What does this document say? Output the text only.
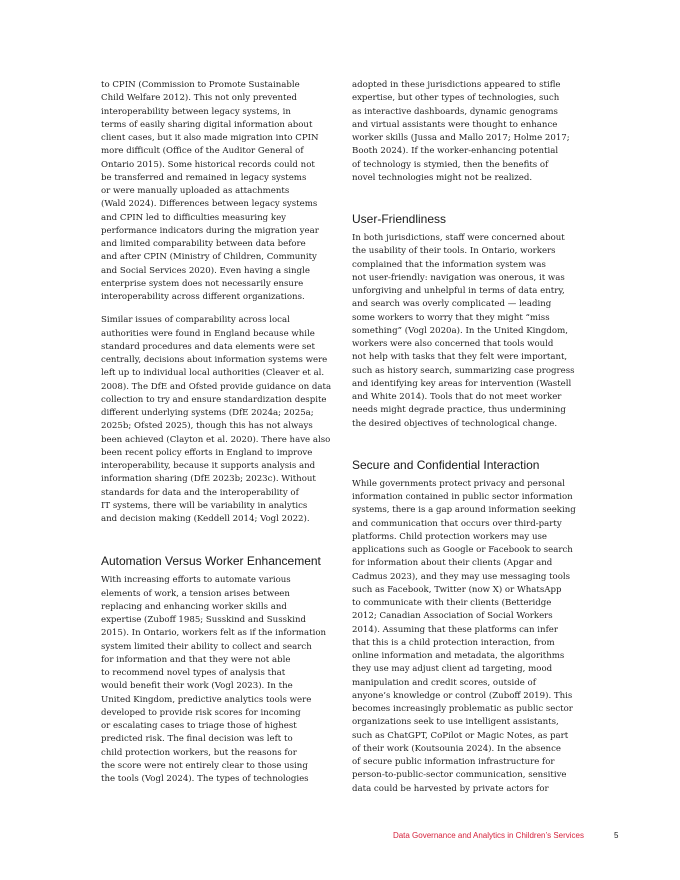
to CPIN (Commission to Promote Sustainable
Child Welfare 2012). This not only prevented
interoperability between legacy systems, in
terms of easily sharing digital information about
client cases, but it also made migration into CPIN
more difficult (Office of the Auditor General of
Ontario 2015). Some historical records could not
be transferred and remained in legacy systems
or were manually uploaded as attachments
(Wald 2024). Differences between legacy systems
and CPIN led to difficulties measuring key
performance indicators during the migration year
and limited comparability between data before
and after CPIN (Ministry of Children, Community
and Social Services 2020). Even having a single
enterprise system does not necessarily ensure
interoperability across different organizations.

Similar issues of comparability across local
authorities were found in England because while
standard procedures and data elements were set
centrally, decisions about information systems were
left up to individual local authorities (Cleaver et al.
2008). The DfE and Ofsted provide guidance on data
collection to try and ensure standardization despite
different underlying systems (DfE 2024a; 2025a;
2025b; Ofsted 2025), though this has not always
been achieved (Clayton et al. 2020). There have also
been recent policy efforts in England to improve
interoperability, because it supports analysis and
information sharing (DfE 2023b; 2023c). Without
standards for data and the interoperability of
IT systems, there will be variability in analytics
and decision making (Keddell 2014; Vogl 2022).

Automation Versus Worker Enhancement

With increasing efforts to automate various
elements of work, a tension arises between
replacing and enhancing worker skills and
expertise (Zuboff 1985; Susskind and Susskind
2015). In Ontario, workers felt as if the information
system limited their ability to collect and search
for information and that they were not able
to recommend novel types of analysis that
would benefit their work (Vogl 2023). In the
United Kingdom, predictive analytics tools were
developed to provide risk scores for incoming
or escalating cases to triage those of highest
predicted risk. The final decision was left to
child protection workers, but the reasons for
the score were not entirely clear to those using
the tools (Vogl 2024). The types of technologies

adopted in these jurisdictions appeared to stifle
expertise, but other types of technologies, such
as interactive dashboards, dynamic genograms
and virtual assistants were thought to enhance
worker skills (Jussa and Mallo 2017; Holme 2017;
Booth 2024). If the worker-enhancing potential
of technology is stymied, then the benefits of
novel technologies might not be realized.

User-Friendliness

In both jurisdictions, staff were concerned about
the usability of their tools. In Ontario, workers
complained that the information system was
not user-friendly: navigation was onerous, it was
unforgiving and unhelpful in terms of data entry,
and search was overly complicated — leading
some workers to worry that they might “miss
something” (Vogl 2020a). In the United Kingdom,
workers were also concerned that tools would
not help with tasks that they felt were important,
such as history search, summarizing case progress
and identifying key areas for intervention (Wastell
and White 2014). Tools that do not meet worker
needs might degrade practice, thus undermining
the desired objectives of technological change.

Secure and Confidential Interaction

While governments protect privacy and personal
information contained in public sector information
systems, there is a gap around information seeking
and communication that occurs over third-party
platforms. Child protection workers may use
applications such as Google or Facebook to search
for information about their clients (Apgar and
Cadmus 2023), and they may use messaging tools
such as Facebook, Twitter (now X) or WhatsApp
to communicate with their clients (Betteridge
2012; Canadian Association of Social Workers
2014). Assuming that these platforms can infer
that this is a child protection interaction, from
online information and metadata, the algorithms
they use may adjust client ad targeting, mood
manipulation and credit scores, outside of
anyone’s knowledge or control (Zuboff 2019). This
becomes increasingly problematic as public sector
organizations seek to use intelligent assistants,
such as ChatGPT, CoPilot or Magic Notes, as part
of their work (Koutsounia 2024). In the absence
of secure public information infrastructure for
person-to-public-sector communication, sensitive
data could be harvested by private actors for

Data Governance and Analytics in Children’s Services	5
